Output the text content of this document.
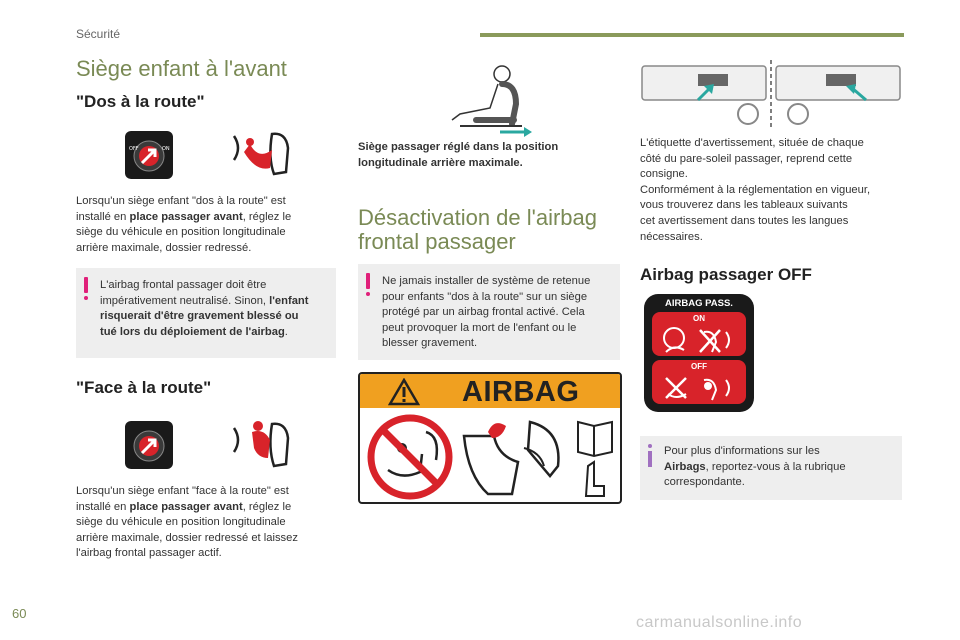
Sécurité
Siège enfant à l'avant
"Dos à la route"
OFF	ON
Lorsqu'un siège enfant "dos à la route" est
installé en place passager avant, réglez le
siège du véhicule en position longitudinale
arrière maximale, dossier redressé.
L'airbag frontal passager doit être
impérativement neutralisé. Sinon, l'enfant
risquerait d'être gravement blessé ou
tué lors du déploiement de l'airbag.
"Face à la route"
Lorsqu'un siège enfant "face à la route" est
installé en place passager avant, réglez le
siège du véhicule en position longitudinale
arrière maximale, dossier redressé et laissez
l'airbag frontal passager actif.
Siège passager réglé dans la position
longitudinale arrière maximale.
Désactivation de l'airbag
frontal passager
Ne jamais installer de système de retenue
pour enfants "dos à la route" sur un siège
protégé par un airbag frontal activé. Cela
peut provoquer la mort de l'enfant ou le
blesser gravement.
AIRBAG
L'étiquette d'avertissement, située de chaque
côté du pare-soleil passager, reprend cette
consigne.
Conformément à la réglementation en vigueur,
vous trouverez dans les tableaux suivants
cet avertissement dans toutes les langues
nécessaires.
Airbag passager OFF
AIRBAG PASS.
ON
OFF
Pour plus d'informations sur les
Airbags, reportez-vous à la rubrique
correspondante.
60
carmanualsonline.info
